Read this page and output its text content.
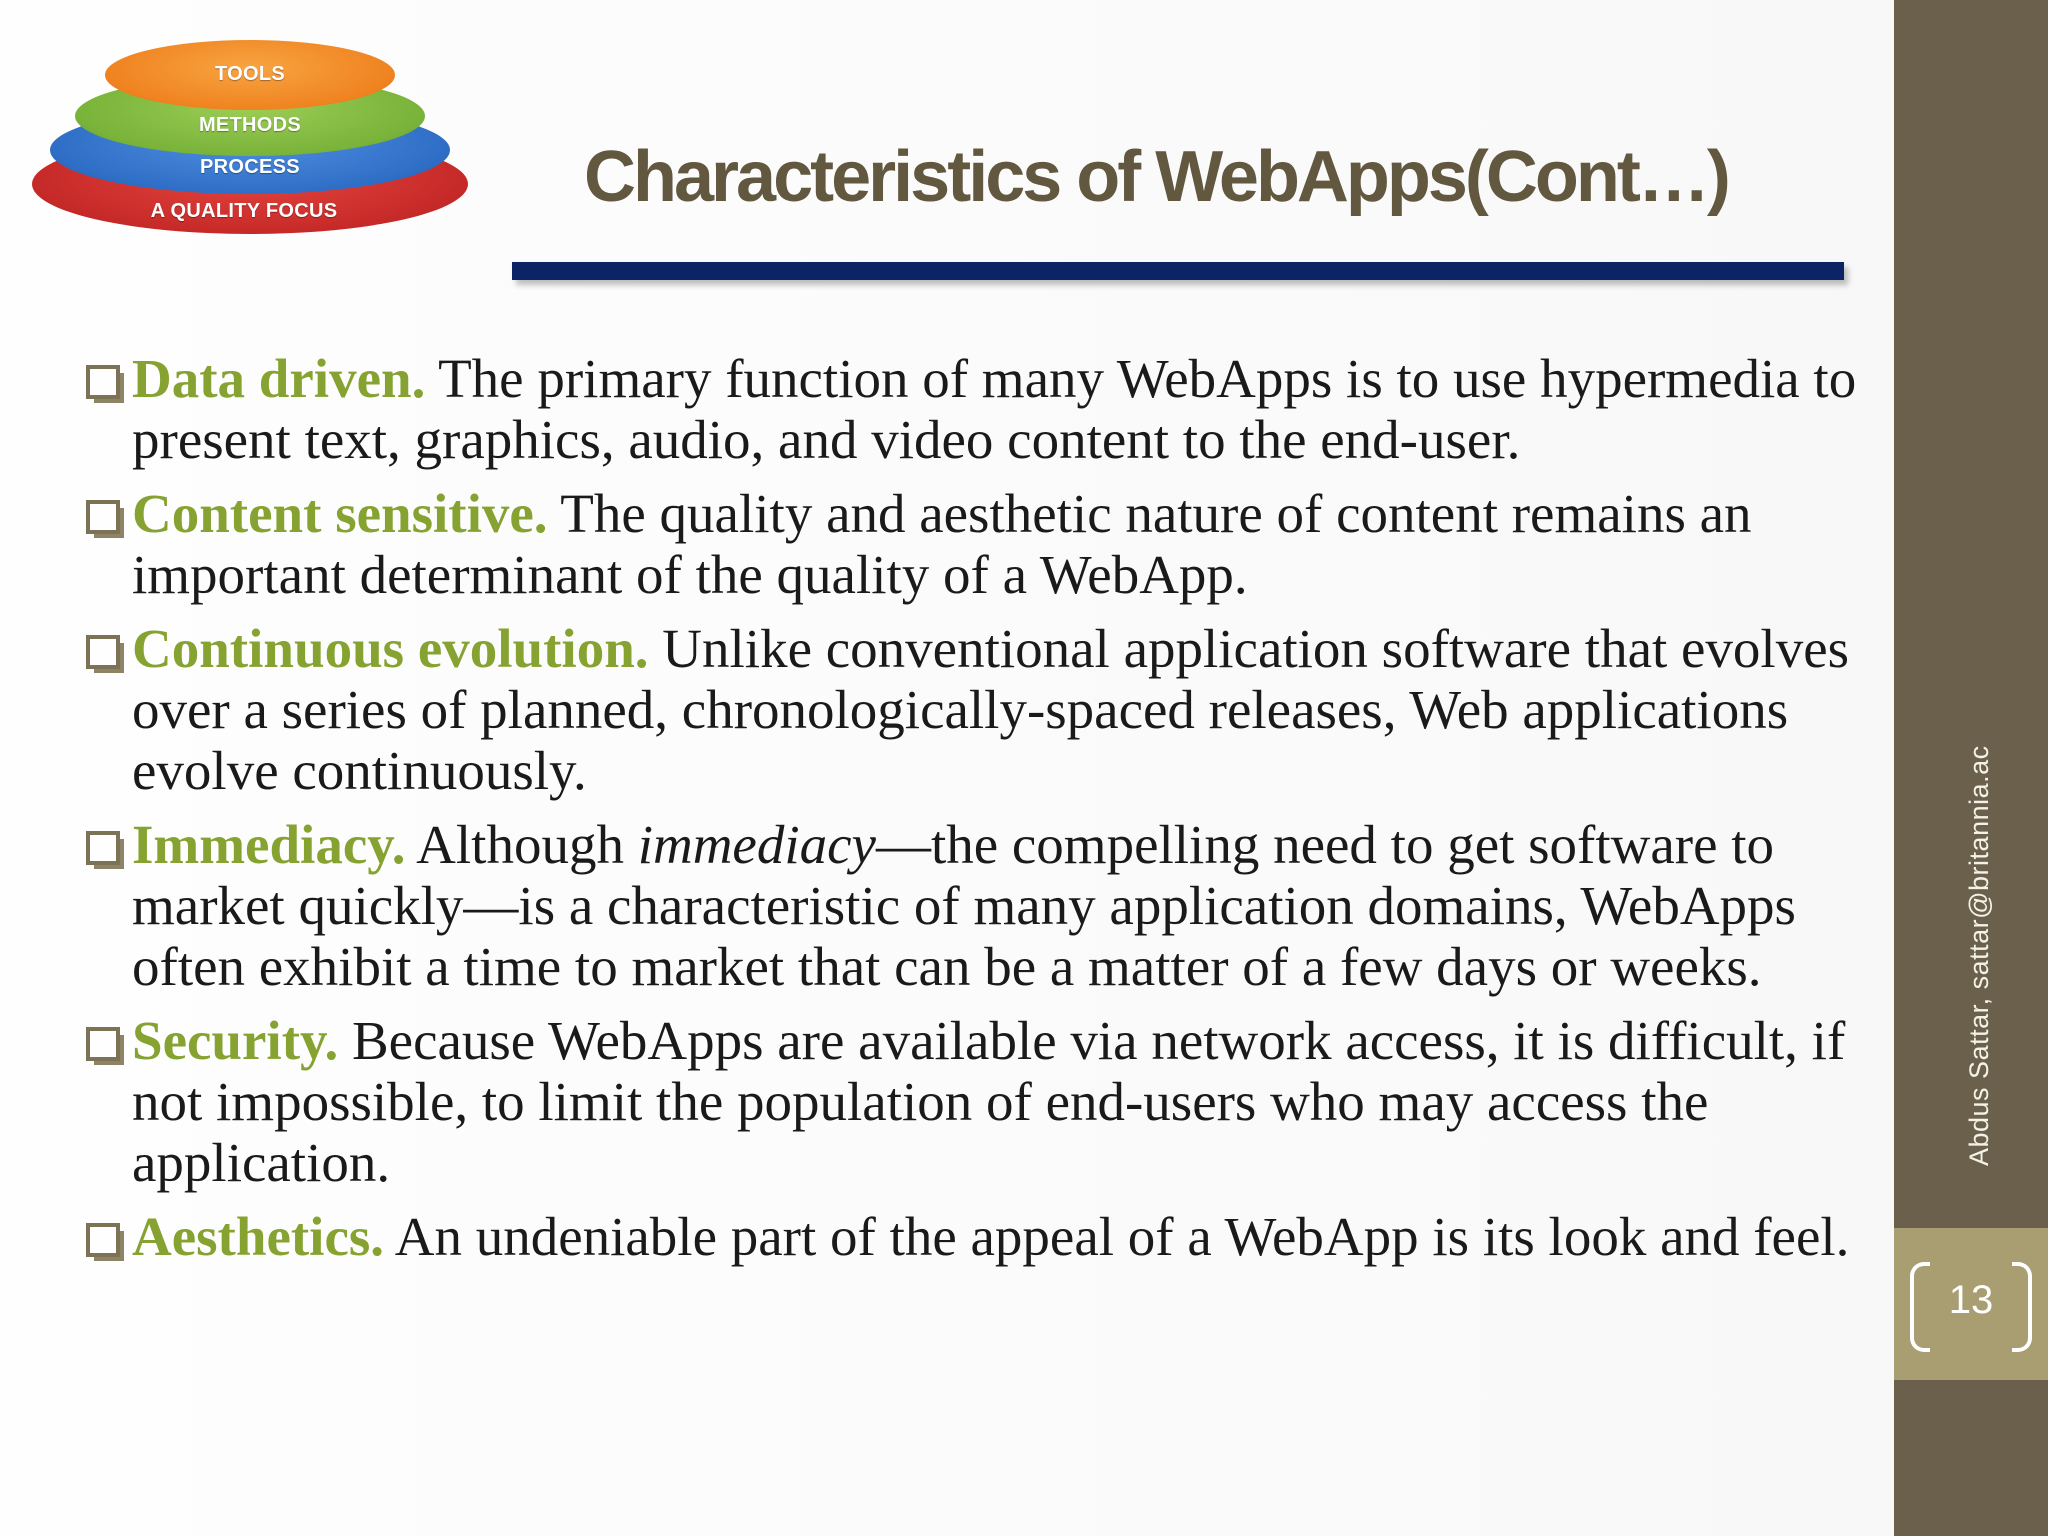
TOOLS
METHODS
PROCESS
A QUALITY FOCUS	Characteristics of WebApps(Cont…)
Data driven. The primary function of many WebApps is to use hypermedia to present text, graphics, audio, and video content to the end-user.
Content sensitive. The quality and aesthetic nature of content remains an important determinant of the quality of a WebApp.
Continuous evolution. Unlike conventional application software that evolves over a series of planned, chronologically-spaced releases, Web applications evolve continuously.
Immediacy. Although immediacy—the compelling need to get software to market quickly—is a characteristic of many application domains, WebApps often exhibit a time to market that can be a matter of a few days or weeks.
Security. Because WebApps are available via network access, it is difficult, if not impossible, to limit the population of end-users who may access the application.
Aesthetics. An undeniable part of the appeal of a WebApp is its look and feel.
13
Abdus Sattar, sattar@britannia.ac
